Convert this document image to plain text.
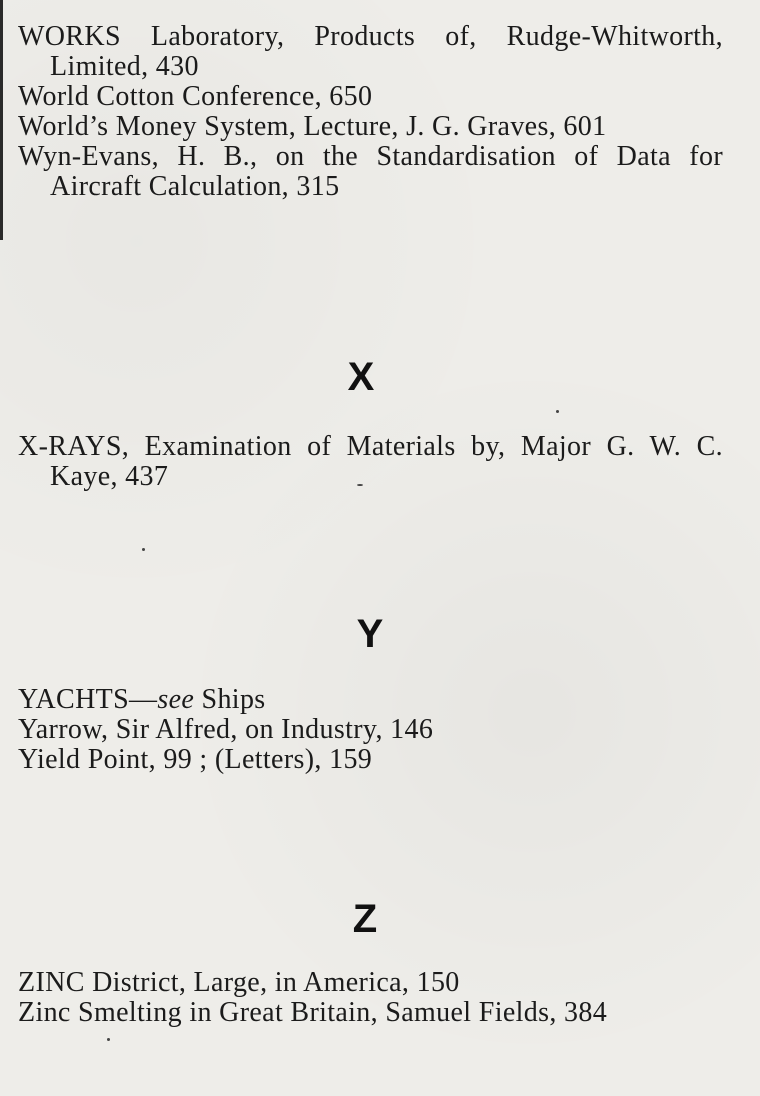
WORKS Laboratory, Products of, Rudge-Whitworth, Limited, 430

World Cotton Conference, 650

World’s Money System, Lecture, J. G. Graves, 601

Wyn-Evans, H. B., on the Standardisation of Data for Aircraft Calculation, 315

X

X-RAYS, Examination of Materials by, Major G. W. C. Kaye, 437

Y

YACHTS—see Ships

Yarrow, Sir Alfred, on Industry, 146

Yield Point, 99 ; (Letters), 159

Z

ZINC District, Large, in America, 150

Zinc Smelting in Great Britain, Samuel Fields, 384
